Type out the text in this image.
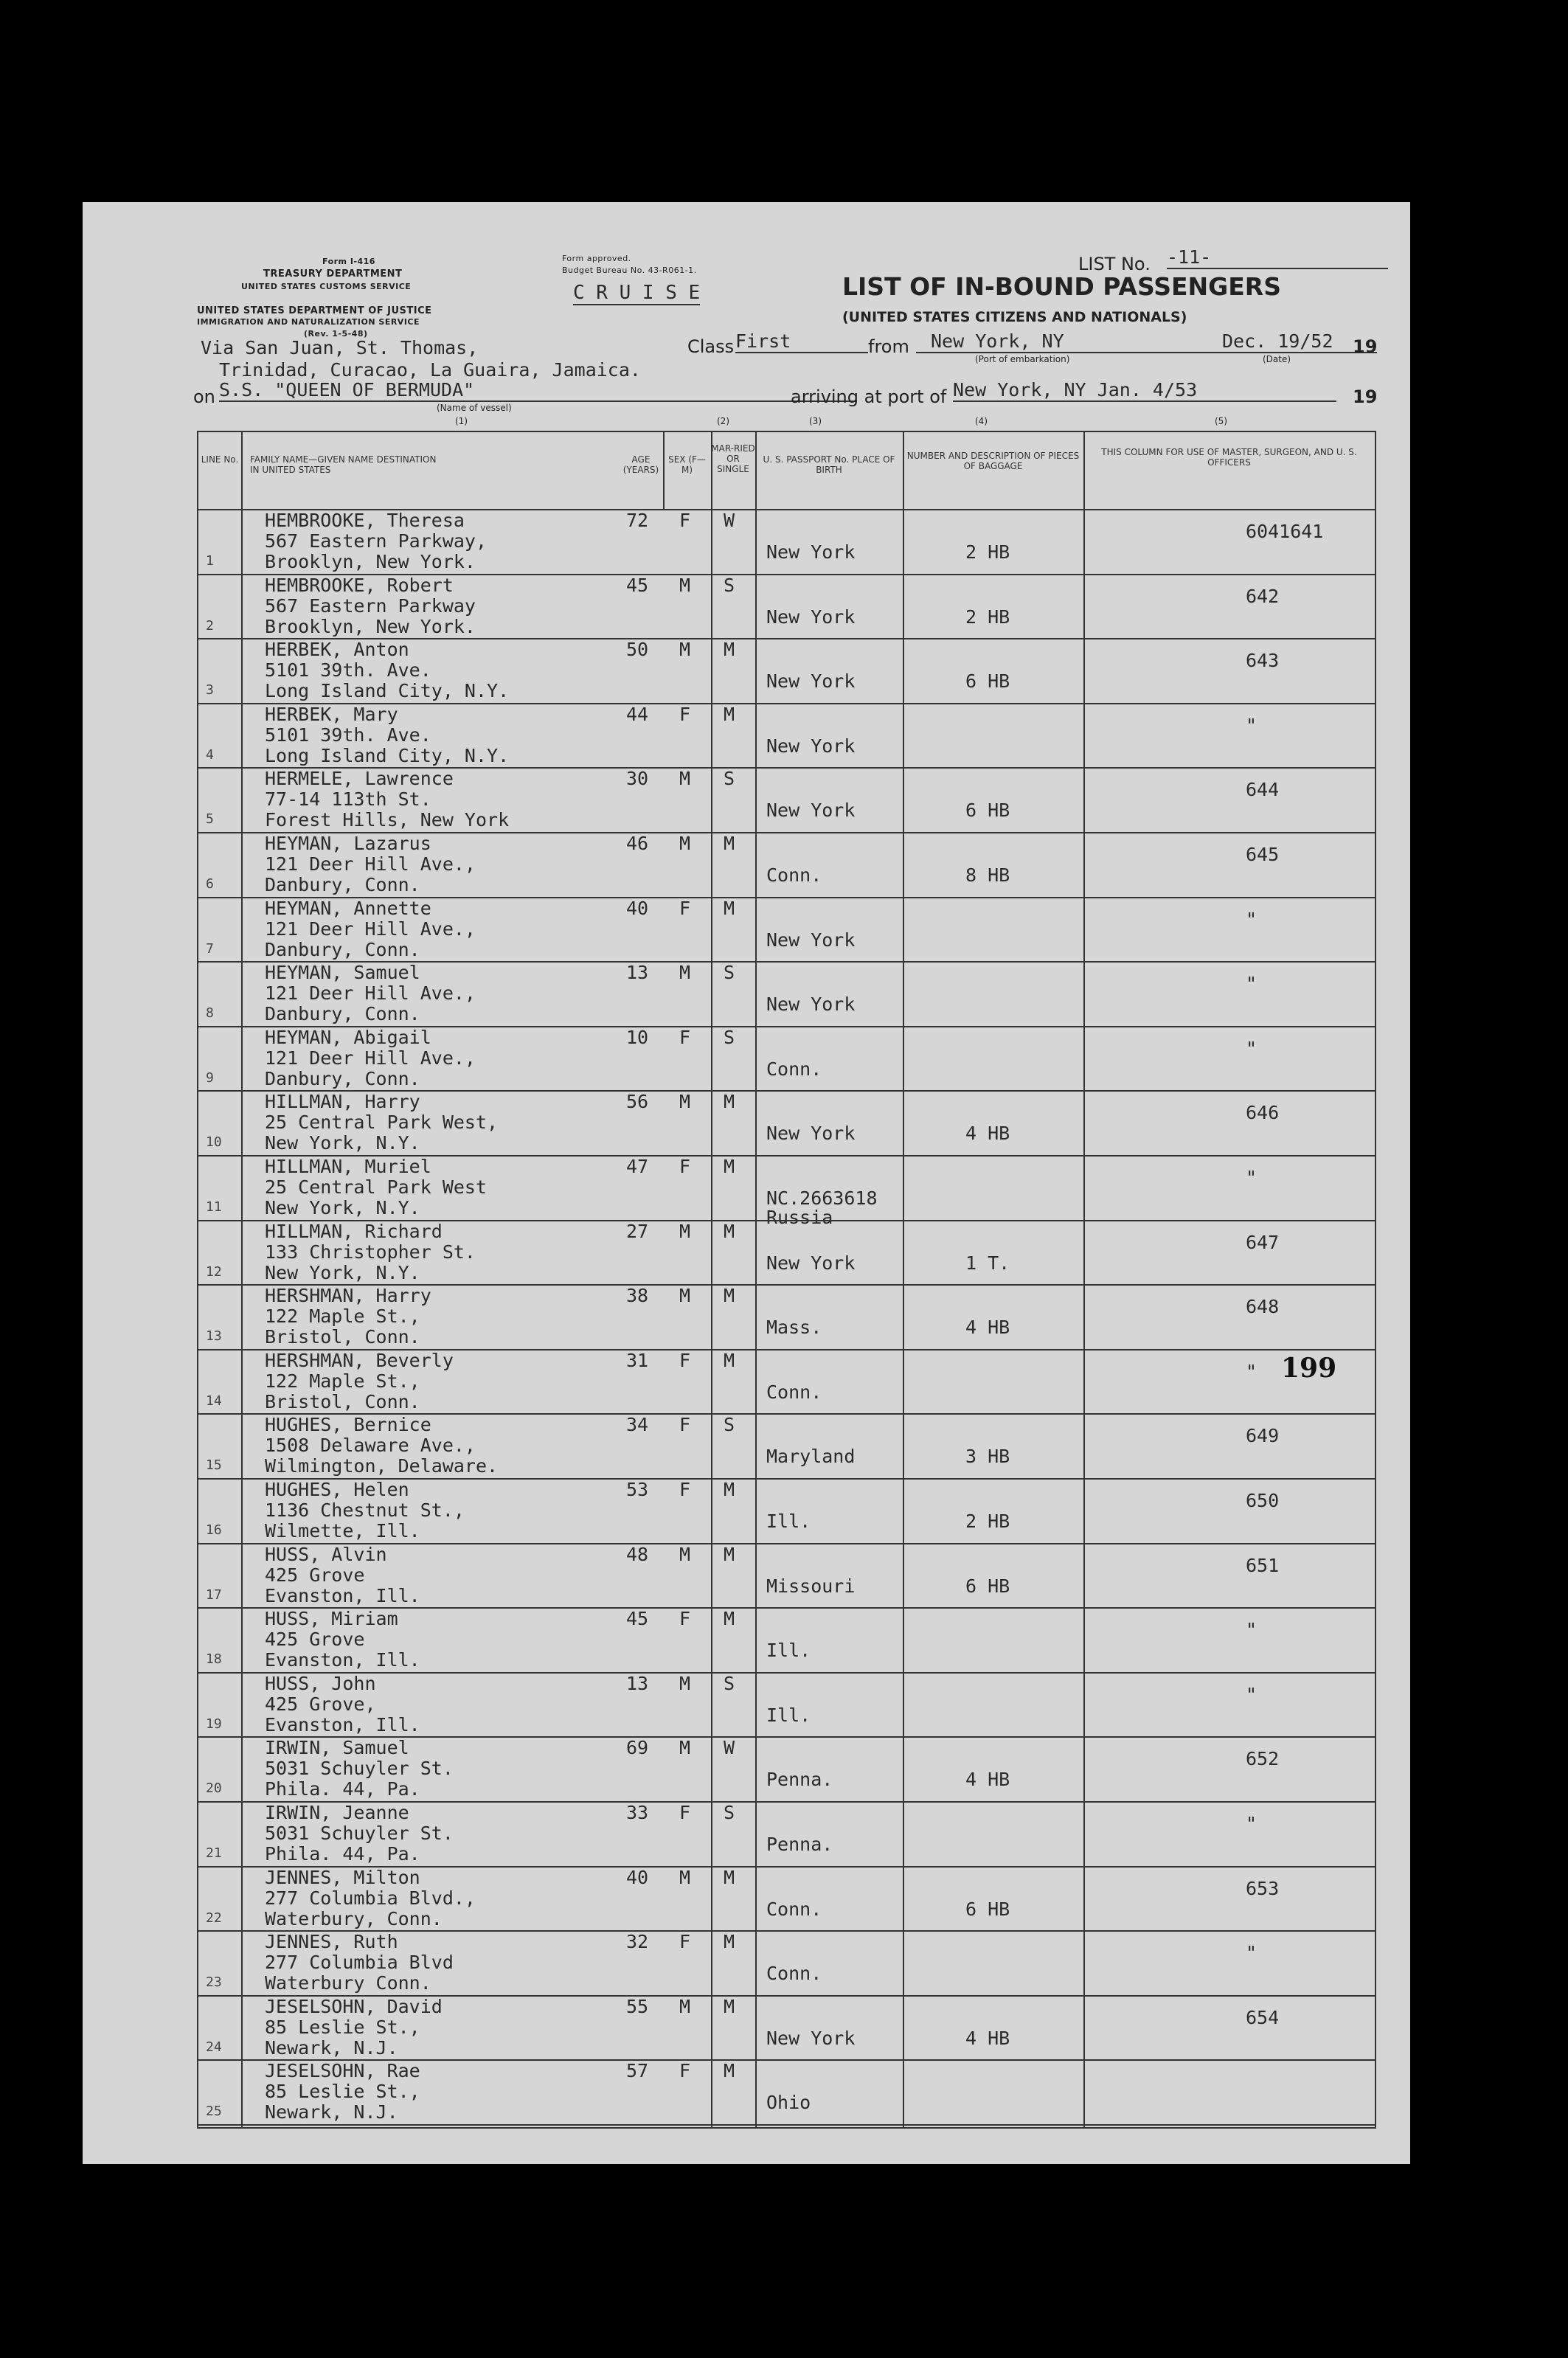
Form I-416
TREASURY DEPARTMENT
UNITED STATES CUSTOMS SERVICE
UNITED STATES DEPARTMENT OF JUSTICE
IMMIGRATION AND NATURALIZATION SERVICE
(Rev. 1-5-48)
Form approved.
Budget Bureau No. 43-R061-1.
C R U I S E
LIST No. -11-
LIST OF IN-BOUND PASSENGERS
(UNITED STATES CITIZENS AND NATIONALS)
Via San Juan, St. Thomas,
Trinidad, Curacao, La Guaira, Jamaica.
Class First	from	New York, NY
(Port of embarkation)
Dec. 19/52
(Date)
19
on S.S. "QUEEN OF BERMUDA"
(Name of vessel)
arriving at port of New York, NY Jan. 4/53	19
(1)	(2)	(3)	(4)	(5)
LINE No.	FAMILY NAME—GIVEN NAME DESTINATION IN UNITED STATES
AGE (YEARS)
SEX (F—M)
MAR-RIED OR SINGLE
U. S. PASSPORT No. PLACE OF BIRTH
NUMBER AND DESCRIPTION OF PIECES OF BAGGAGE
THIS COLUMN FOR USE OF MASTER, SURGEON, AND U. S. OFFICERS
1
HEMBROOKE, Theresa
567 Eastern Parkway,
Brooklyn, New York.
72 F W
New York	2 HB
6041641
2
HEMBROOKE, Robert
567 Eastern Parkway
Brooklyn, New York.
45 M S
New York	2 HB
642
3
HERBEK, Anton
5101 39th. Ave.
Long Island City, N.Y.
50 M M
New York	6 HB
643
4
HERBEK, Mary
5101 39th. Ave.
Long Island City, N.Y.
44 F M
New York
"
5
HERMELE, Lawrence
77-14 113th St.
Forest Hills, New York
30 M S
New York	6 HB
644
6
HEYMAN, Lazarus
121 Deer Hill Ave.,
Danbury, Conn.
46 M M
Conn.	8 HB
645
7
HEYMAN, Annette
121 Deer Hill Ave.,
Danbury, Conn.
40 F M
New York
"
8
HEYMAN, Samuel
121 Deer Hill Ave.,
Danbury, Conn.
13 M S
New York
"
9
HEYMAN, Abigail
121 Deer Hill Ave.,
Danbury, Conn.
10 F S
Conn.
"
10
HILLMAN, Harry
25 Central Park West,
New York, N.Y.
56 M M
New York	4 HB
646
11
HILLMAN, Muriel
25 Central Park West
New York, N.Y.
47 F M
NC.2663618
Russia
"
12
HILLMAN, Richard
133 Christopher St.
New York, N.Y.
27 M M
New York	1 T.
647
13
HERSHMAN, Harry
122 Maple St.,
Bristol, Conn.
38 M M
Mass.	4 HB
648
14
HERSHMAN, Beverly
122 Maple St.,
Bristol, Conn.
31 F M
Conn.
"
15
HUGHES, Bernice
1508 Delaware Ave.,
Wilmington, Delaware.
34 F S
Maryland	3 HB
649
16
HUGHES, Helen
1136 Chestnut St.,
Wilmette, Ill.
53 F M
Ill.	2 HB
650
17
HUSS, Alvin
425 Grove
Evanston, Ill.
48 M M
Missouri	6 HB
651
18
HUSS, Miriam
425 Grove
Evanston, Ill.
45 F M
Ill.
"
19
HUSS, John
425 Grove,
Evanston, Ill.
13 M S
Ill.
"
20
IRWIN, Samuel
5031 Schuyler St.
Phila. 44, Pa.
69 M W
Penna.	4 HB
652
21
IRWIN, Jeanne
5031 Schuyler St.
Phila. 44, Pa.
33 F S
Penna.
"
22
JENNES, Milton
277 Columbia Blvd.,
Waterbury, Conn.
40 M M
Conn.	6 HB
653
23
JENNES, Ruth
277 Columbia Blvd
Waterbury Conn.
32 F M
Conn.
"
24
JESELSOHN, David
85 Leslie St.,
Newark, N.J.
55 M M
New York	4 HB
654
25
JESELSOHN, Rae
85 Leslie St.,
Newark, N.J.
57 F M
Ohio
199
